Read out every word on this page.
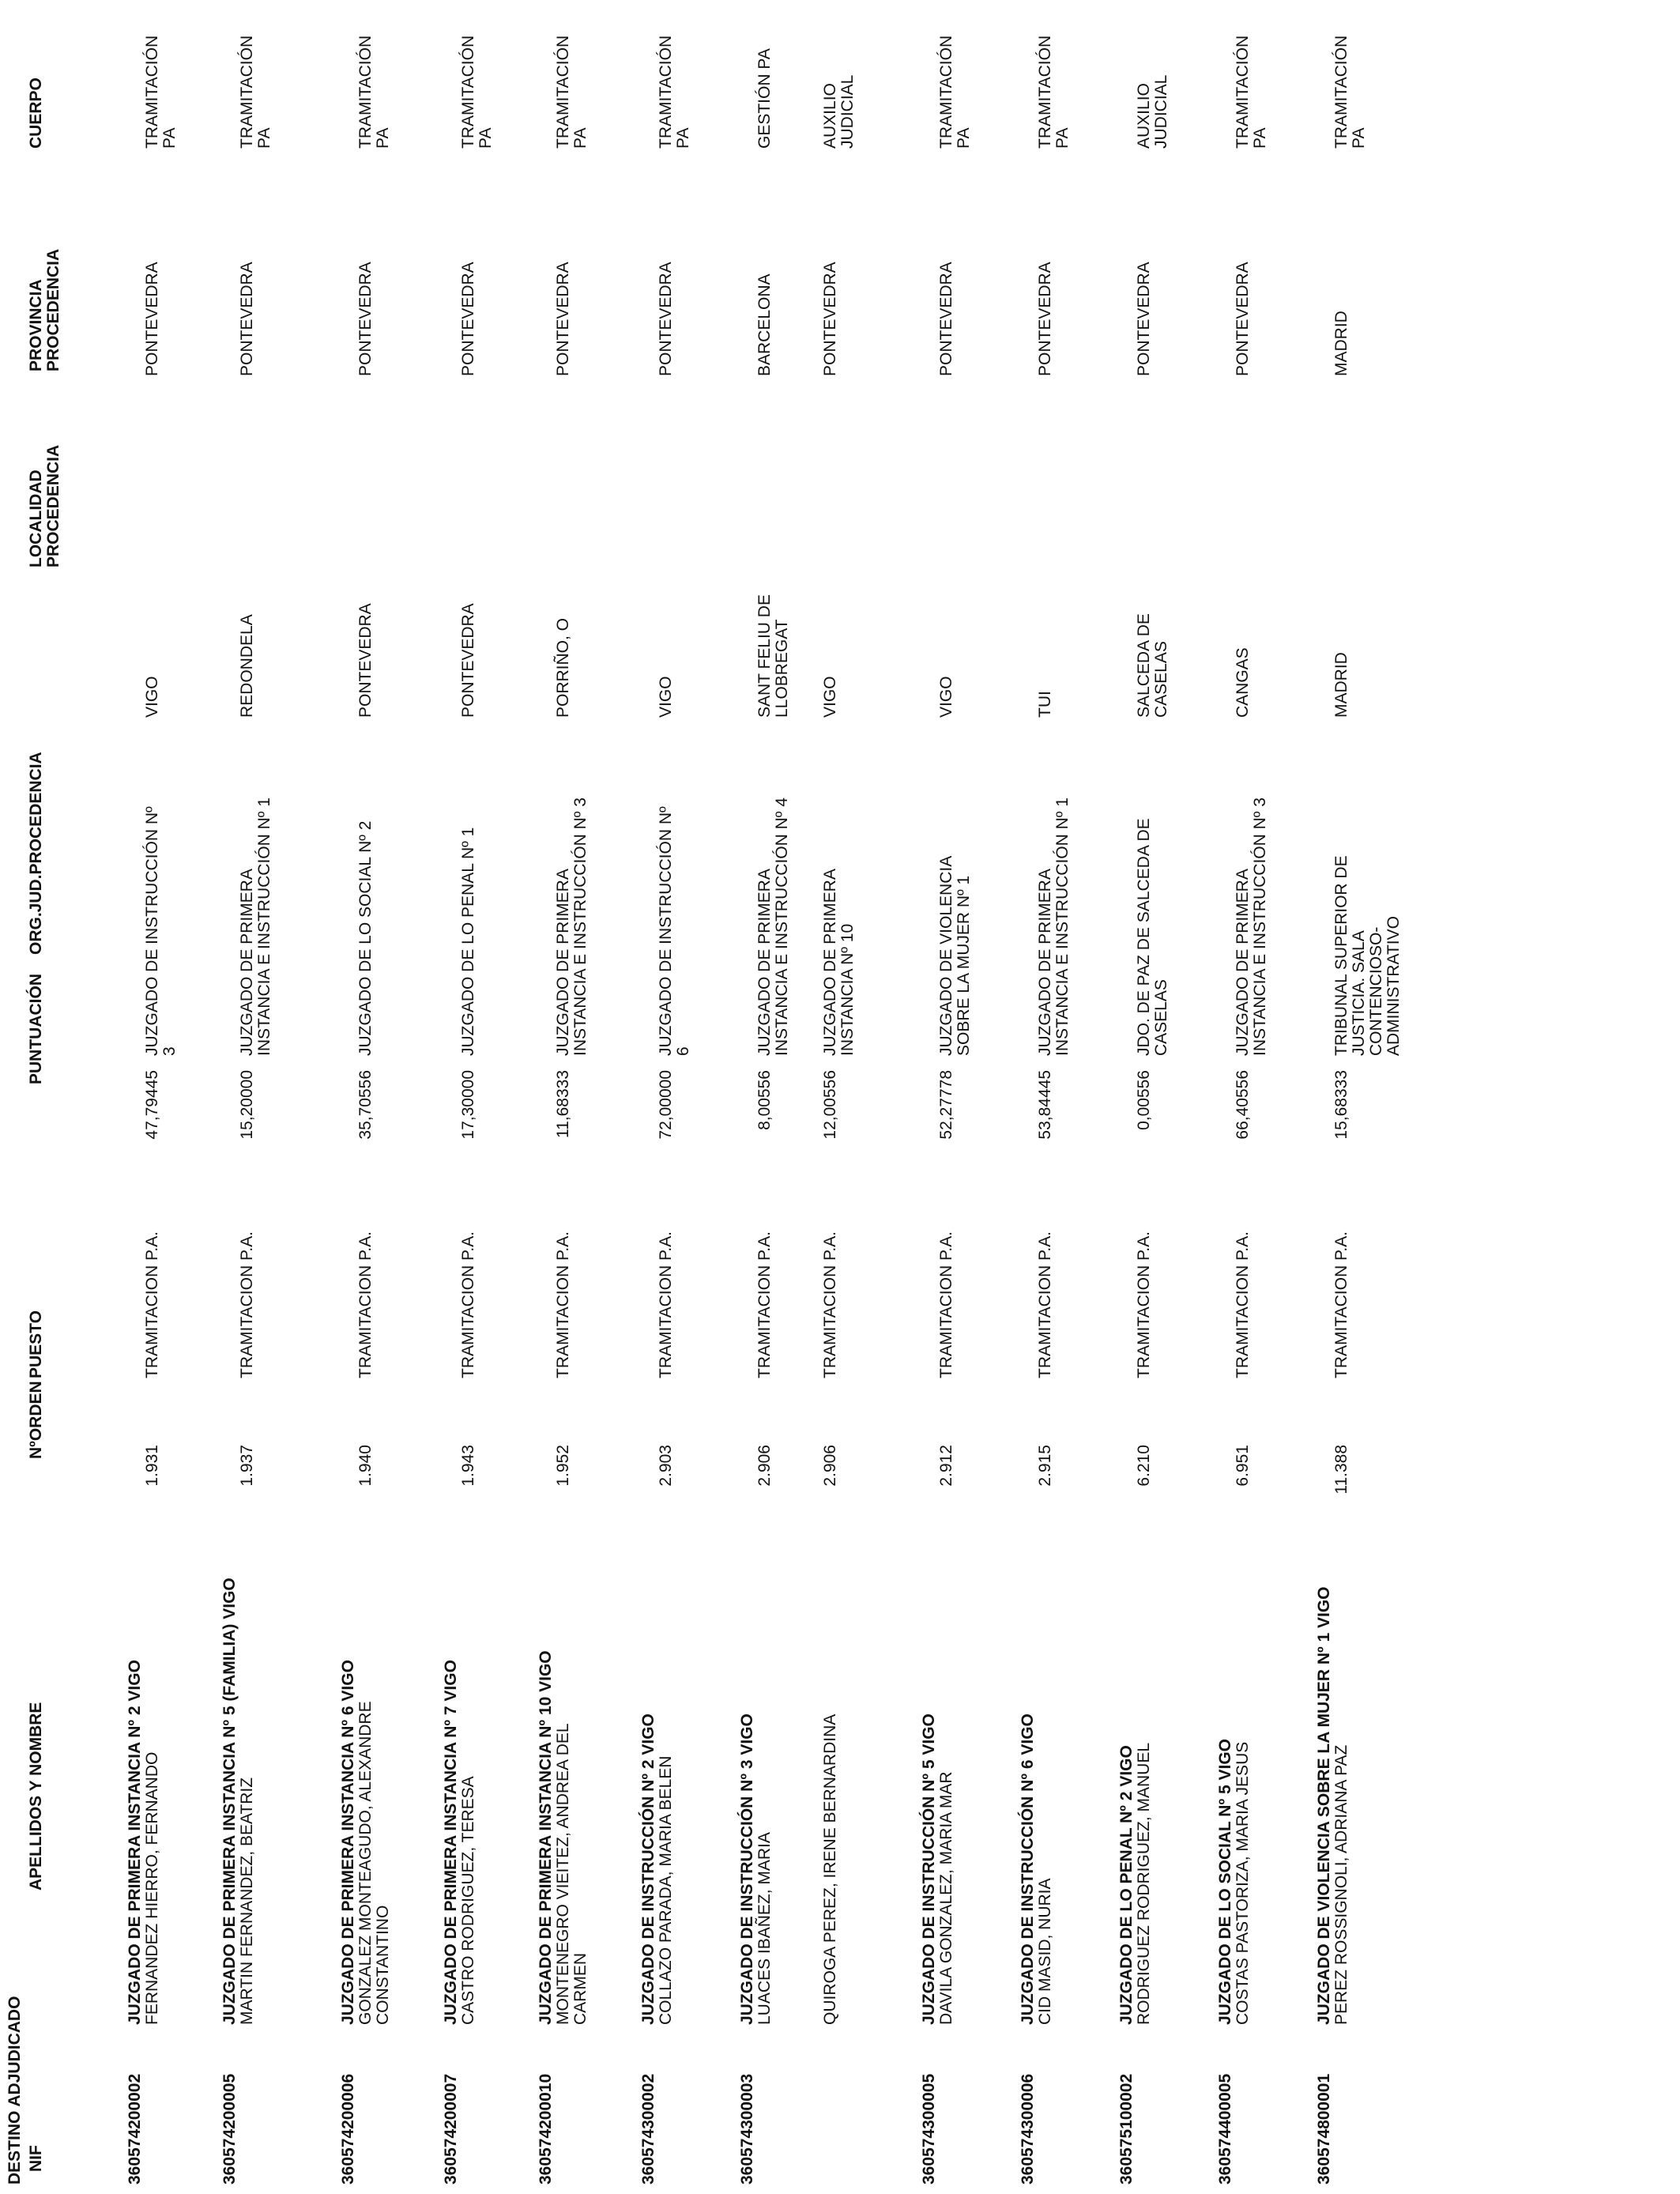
DESTINO ADJUDICADO NIF
APELLIDOS Y NOMBRE
NºORDEN
PUESTO
PUNTUACIÓN
ORG.JUD.PROCEDENCIA
LOCALIDAD PROCEDENCIA
PROVINCIA PROCEDENCIA
CUERPO
360574200002
JUZGADO DE PRIMERA INSTANCIA Nº 2 VIGO FERNANDEZ HIERRO, FERNANDO
1.931
TRAMITACION P.A.
47,79445
JUZGADO DE INSTRUCCIÓN Nº 3
VIGO
PONTEVEDRA
TRAMITACIÓN PA
360574200005
JUZGADO DE PRIMERA INSTANCIA Nº 5 (FAMILIA) VIGO MARTIN FERNANDEZ, BEATRIZ
1.937
TRAMITACION P.A.
15,20000
JUZGADO DE PRIMERA INSTANCIA E INSTRUCCIÓN Nº 1
REDONDELA
PONTEVEDRA
TRAMITACIÓN PA
360574200006
JUZGADO DE PRIMERA INSTANCIA Nº 6 VIGO GONZALEZ MONTEAGUDO, ALEXANDRE CONSTANTINO
1.940
TRAMITACION P.A.
35,70556
JUZGADO DE LO SOCIAL Nº 2
PONTEVEDRA
PONTEVEDRA
TRAMITACIÓN PA
360574200007
JUZGADO DE PRIMERA INSTANCIA Nº 7 VIGO CASTRO RODRIGUEZ, TERESA
1.943
TRAMITACION P.A.
17,30000
JUZGADO DE LO PENAL Nº 1
PONTEVEDRA
PONTEVEDRA
TRAMITACIÓN PA
360574200010
JUZGADO DE PRIMERA INSTANCIA Nº 10 VIGO MONTENEGRO VIEITEZ, ANDREA DEL CARMEN
1.952
TRAMITACION P.A.
11,68333
JUZGADO DE PRIMERA INSTANCIA E INSTRUCCIÓN Nº 3
PORRIÑO, O
PONTEVEDRA
TRAMITACIÓN PA
360574300002
JUZGADO DE INSTRUCCIÓN Nº 2 VIGO COLLAZO PARADA, MARIA BELEN
2.903
TRAMITACION P.A.
72,00000
JUZGADO DE INSTRUCCIÓN Nº 6
VIGO
PONTEVEDRA
TRAMITACIÓN PA
360574300003
JUZGADO DE INSTRUCCIÓN Nº 3 VIGO LUACES IBAÑEZ, MARIA
2.906
TRAMITACION P.A.
8,00556
JUZGADO DE PRIMERA INSTANCIA E INSTRUCCIÓN Nº 4
SANT FELIU DE LLOBREGAT
BARCELONA
GESTIÓN PA
QUIROGA PEREZ, IRENE BERNARDINA
2.906
TRAMITACION P.A.
12,00556
JUZGADO DE PRIMERA INSTANCIA Nº 10
VIGO
PONTEVEDRA
AUXILIO JUDICIAL
360574300005
JUZGADO DE INSTRUCCIÓN Nº 5 VIGO DAVILA GONZALEZ, MARIA MAR
2.912
TRAMITACION P.A.
52,27778
JUZGADO DE VIOLENCIA SOBRE LA MUJER Nº 1
VIGO
PONTEVEDRA
TRAMITACIÓN PA
360574300006
JUZGADO DE INSTRUCCIÓN Nº 6 VIGO CID MASID, NURIA
2.915
TRAMITACION P.A.
53,84445
JUZGADO DE PRIMERA INSTANCIA E INSTRUCCIÓN Nº 1
TUI
PONTEVEDRA
TRAMITACIÓN PA
360575100002
JUZGADO DE LO PENAL Nº 2 VIGO RODRIGUEZ RODRIGUEZ, MANUEL
6.210
TRAMITACION P.A.
0,00556
JDO. DE PAZ DE SALCEDA DE CASELAS
SALCEDA DE CASELAS
PONTEVEDRA
AUXILIO JUDICIAL
360574400005
JUZGADO DE LO SOCIAL Nº 5 VIGO COSTAS PASTORIZA, MARIA JESUS
6.951
TRAMITACION P.A.
66,40556
JUZGADO DE PRIMERA INSTANCIA E INSTRUCCIÓN Nº 3
CANGAS
PONTEVEDRA
TRAMITACIÓN PA
360574800001
JUZGADO DE VIOLENCIA SOBRE LA MUJER Nº 1 VIGO PEREZ ROSSIGNOLI, ADRIANA PAZ
11.388
TRAMITACION P.A.
15,68333
TRIBUNAL SUPERIOR DE JUSTICIA. SALA CONTENCIOSO- ADMINISTRATIVO
MADRID
MADRID
TRAMITACIÓN PA
